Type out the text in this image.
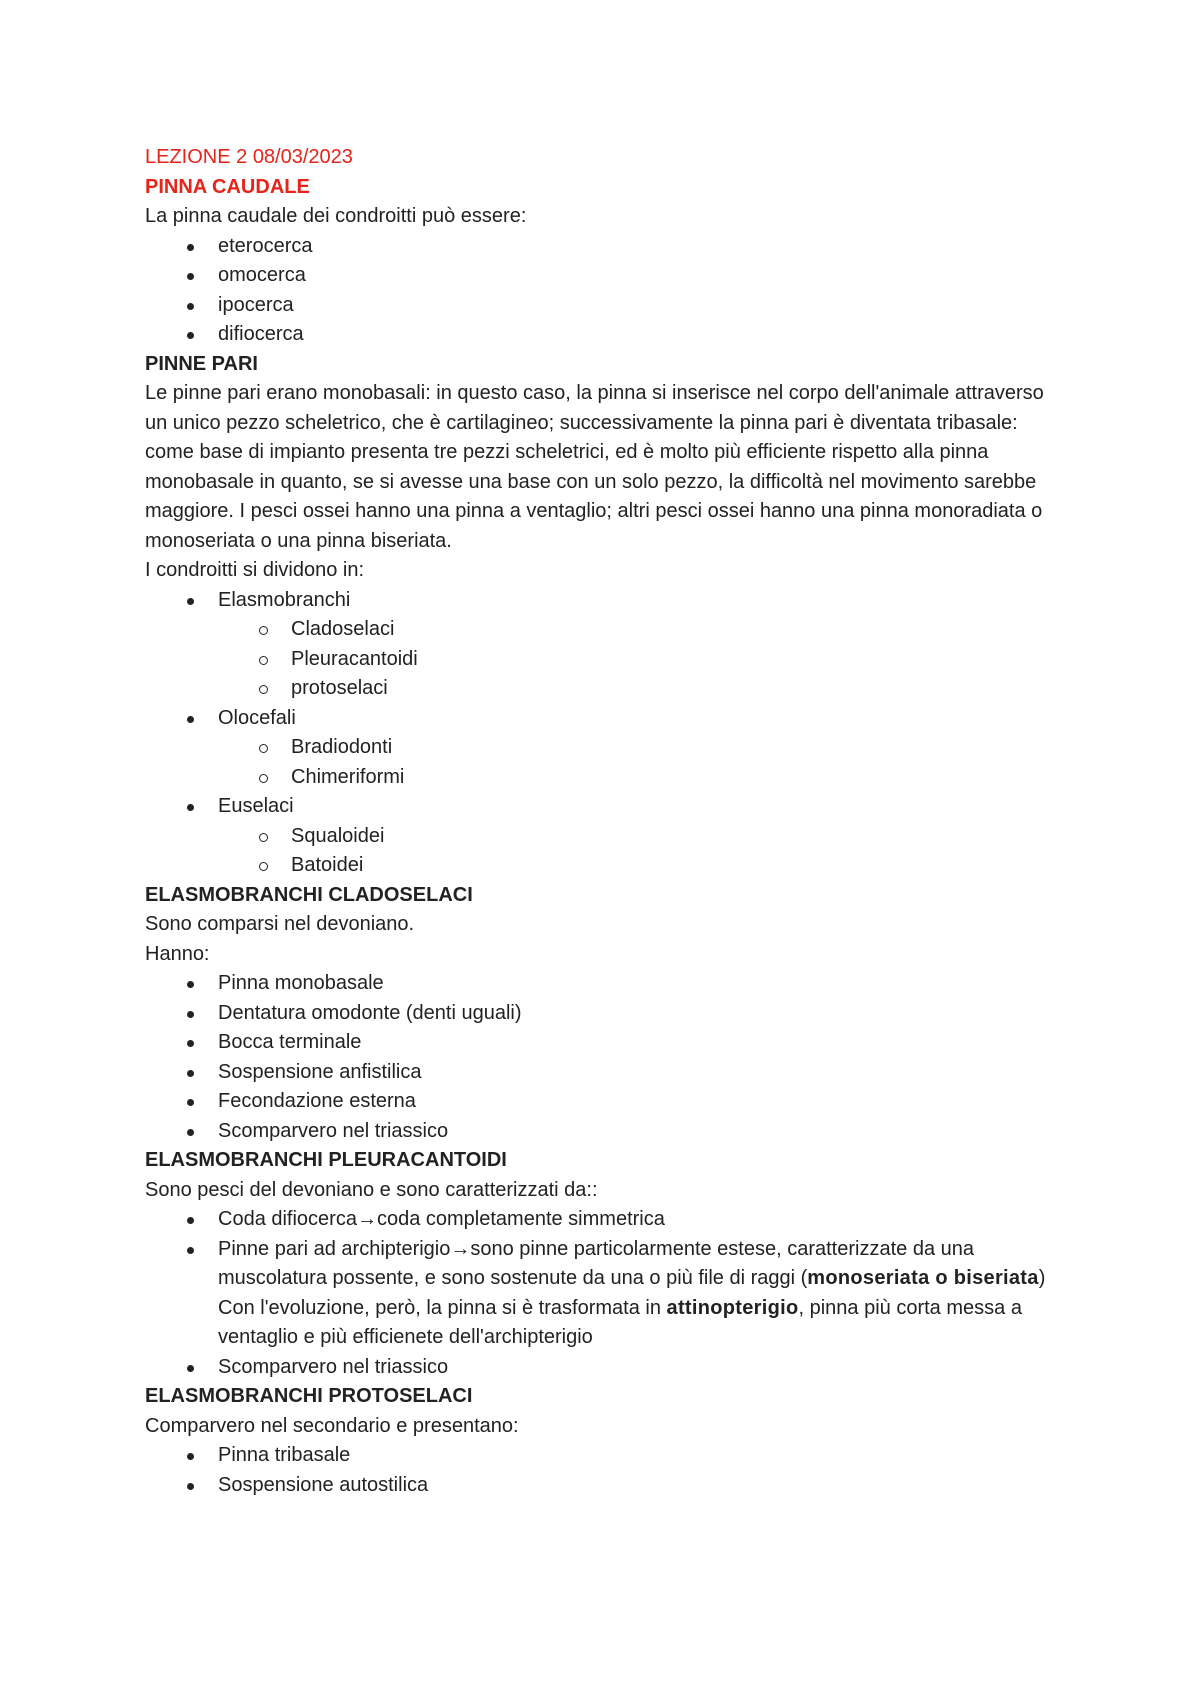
LEZIONE 2 08/03/2023

PINNA CAUDALE

La pinna caudale dei condroitti può essere:

eterocerca
omocerca
ipocerca
difiocerca

PINNE PARI

Le pinne pari erano monobasali: in questo caso, la pinna si inserisce nel corpo dell'animale attraverso un unico pezzo scheletrico, che è cartilagineo; successivamente la pinna pari è diventata tribasale: come base di impianto presenta tre pezzi scheletrici, ed è molto più efficiente rispetto alla pinna monobasale in quanto, se si avesse una base con un solo pezzo, la difficoltà nel movimento sarebbe maggiore. I pesci ossei hanno una pinna a ventaglio; altri pesci ossei hanno una pinna monoradiata o monoseriata o una pinna biseriata.

I condroitti si dividono in:

Elasmobranchi
Cladoselaci
Pleuracantoidi
protoselaci
Olocefali
Bradiodonti
Chimeriformi
Euselaci
Squaloidei
Batoidei

ELASMOBRANCHI CLADOSELACI

Sono comparsi nel devoniano.

Hanno:

Pinna monobasale
Dentatura omodonte (denti uguali)
Bocca terminale
Sospensione anfistilica
Fecondazione esterna
Scomparvero nel triassico

ELASMOBRANCHI PLEURACANTOIDI

Sono pesci del devoniano e sono caratterizzati da::

Coda difiocerca→coda completamente simmetrica
Pinne pari ad archipterigio→sono pinne particolarmente estese, caratterizzate da una muscolatura possente, e sono sostenute da una o più file di raggi (monoseriata o biseriata) Con l'evoluzione, però, la pinna si è trasformata in attinopterigio, pinna più corta messa a ventaglio e più efficienete dell'archipterigio
Scomparvero nel triassico

ELASMOBRANCHI PROTOSELACI

Comparvero nel secondario e presentano:

Pinna tribasale
Sospensione autostilica
